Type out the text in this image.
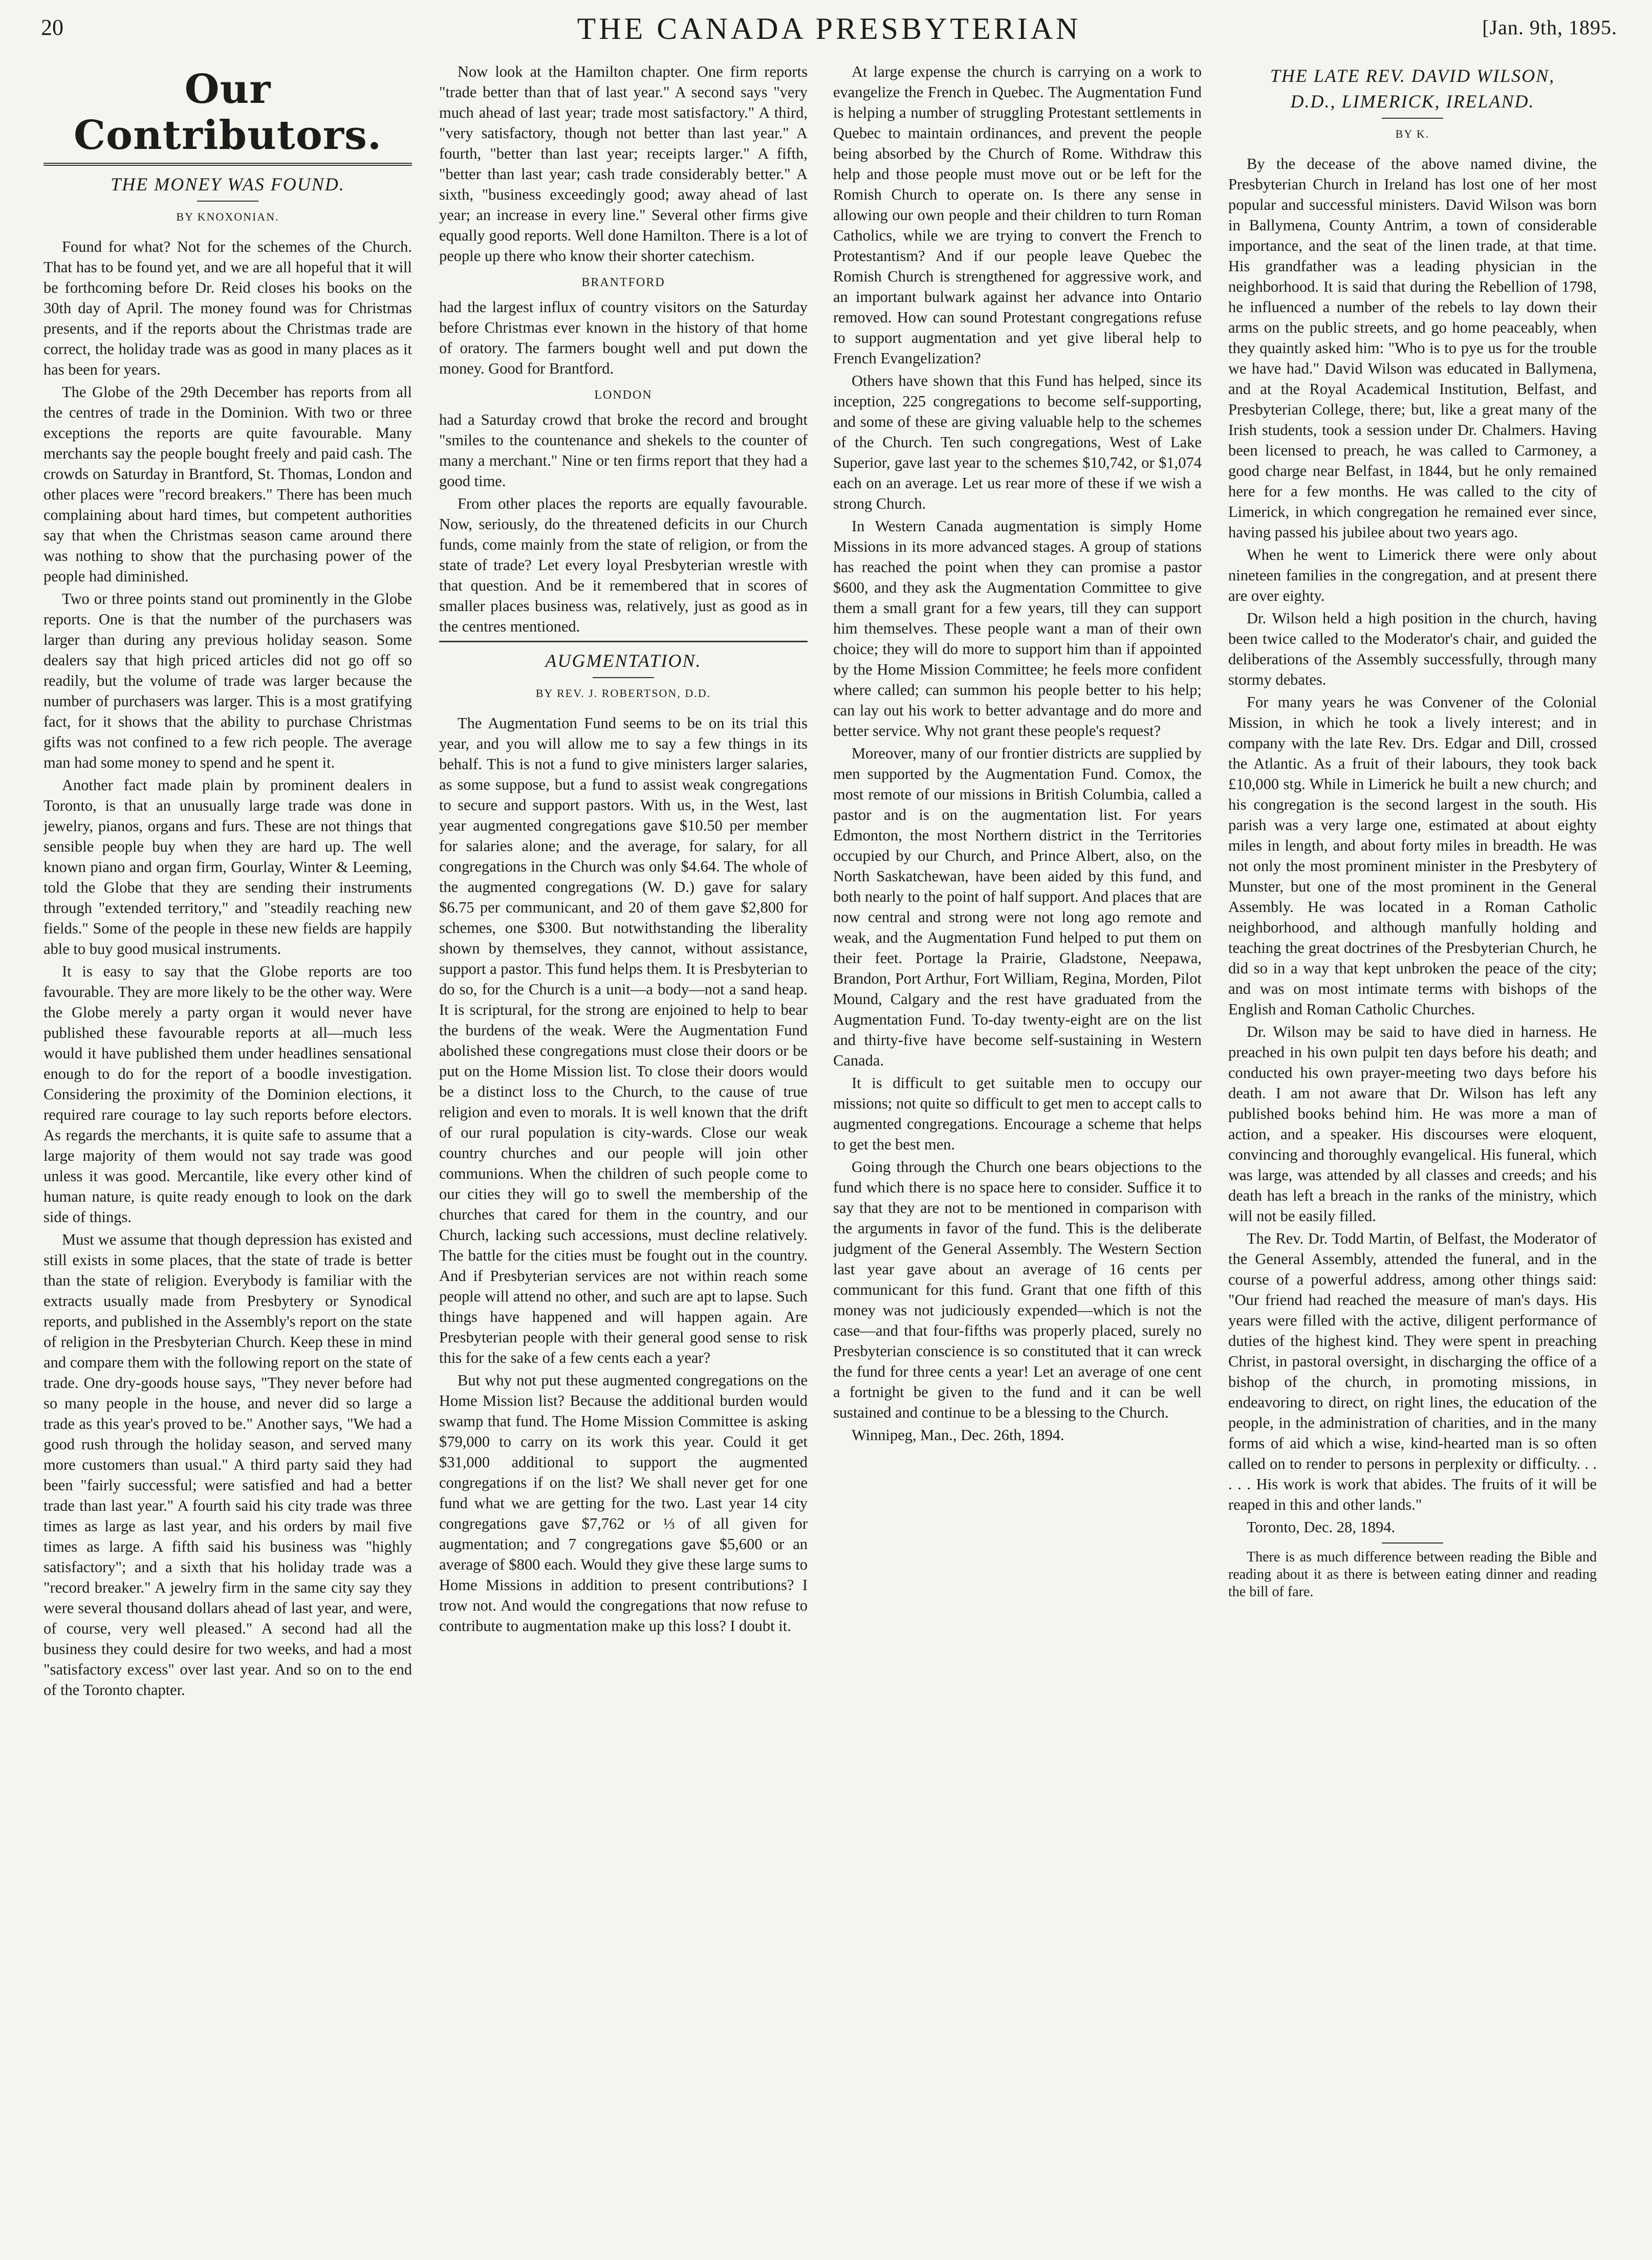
20	THE CANADA PRESBYTERIAN	[Jan. 9th, 1895.
Our Contributors.
THE MONEY WAS FOUND.
BY KNOXONIAN.

Found for what? Not for the schemes of the Church. That has to be found yet, and we are all hopeful that it will be forthcoming before Dr. Reid closes his books on the 30th day of April. The money found was for Christmas presents, and if the reports about the Christmas trade are correct, the holiday trade was as good in many places as it has been for years.

The Globe of the 29th December has reports from all the centres of trade in the Dominion. With two or three exceptions the reports are quite favourable. Many merchants say the people bought freely and paid cash. The crowds on Saturday in Brantford, St. Thomas, London and other places were "record breakers." There has been much complaining about hard times, but competent authorities say that when the Christmas season came around there was nothing to show that the purchasing power of the people had diminished.

Two or three points stand out prominently in the Globe reports. One is that the number of the purchasers was larger than during any previous holiday season. Some dealers say that high priced articles did not go off so readily, but the volume of trade was larger because the number of purchasers was larger. This is a most gratifying fact, for it shows that the ability to purchase Christmas gifts was not confined to a few rich people. The average man had some money to spend and he spent it.

Another fact made plain by prominent dealers in Toronto, is that an unusually large trade was done in jewelry, pianos, organs and furs. These are not things that sensible people buy when they are hard up. The well known piano and organ firm, Gourlay, Winter & Leeming, told the Globe that they are sending their instruments through "extended territory," and "steadily reaching new fields." Some of the people in these new fields are happily able to buy good musical instruments.

It is easy to say that the Globe reports are too favourable. They are more likely to be the other way. Were the Globe merely a party organ it would never have published these favourable reports at all—much less would it have published them under headlines sensational enough to do for the report of a boodle investigation. Considering the proximity of the Dominion elections, it required rare courage to lay such reports before electors. As regards the merchants, it is quite safe to assume that a large majority of them would not say trade was good unless it was good. Mercantile, like every other kind of human nature, is quite ready enough to look on the dark side of things.

Must we assume that though depression has existed and still exists in some places, that the state of trade is better than the state of religion. Everybody is familiar with the extracts usually made from Presbytery or Synodical reports, and published in the Assembly's report on the state of religion in the Presbyterian Church. Keep these in mind and compare them with the following report on the state of trade. One dry-goods house says, "They never before had so many people in the house, and never did so large a trade as this year's proved to be." Another says, "We had a good rush through the holiday season, and served many more customers than usual." A third party said they had been "fairly successful; were satisfied and had a better trade than last year." A fourth said his city trade was three times as large as last year, and his orders by mail five times as large. A fifth said his business was "highly satisfactory"; and a sixth that his holiday trade was a "record breaker." A jewelry firm in the same city say they were several thousand dollars ahead of last year, and were, of course, very well pleased." A second had all the business they could desire for two weeks, and had a most "satisfactory excess" over last year. And so on to the end of the Toronto chapter.

Now look at the Hamilton chapter. One firm reports "trade better than that of last year." A second says "very much ahead of last year; trade most satisfactory." A third, "very satisfactory, though not better than last year." A fourth, "better than last year; receipts larger." A fifth, "better than last year; cash trade considerably better." A sixth, "business exceedingly good; away ahead of last year; an increase in every line." Several other firms give equally good reports. Well done Hamilton. There is a lot of people up there who know their shorter catechism.

BRANTFORD

had the largest influx of country visitors on the Saturday before Christmas ever known in the history of that home of oratory. The farmers bought well and put down the money. Good for Brantford.

LONDON

had a Saturday crowd that broke the record and brought "smiles to the countenance and shekels to the counter of many a merchant." Nine or ten firms report that they had a good time.

From other places the reports are equally favourable. Now, seriously, do the threatened deficits in our Church funds, come mainly from the state of religion, or from the state of trade? Let every loyal Presbyterian wrestle with that question. And be it remembered that in scores of smaller places business was, relatively, just as good as in the centres mentioned.

AUGMENTATION.
BY REV. J. ROBERTSON, D.D.

The Augmentation Fund seems to be on its trial this year, and you will allow me to say a few things in its behalf. This is not a fund to give ministers larger salaries, as some suppose, but a fund to assist weak congregations to secure and support pastors. With us, in the West, last year augmented congregations gave $10.50 per member for salaries alone; and the average, for salary, for all congregations in the Church was only $4.64. The whole of the augmented congregations (W. D.) gave for salary $6.75 per communicant, and 20 of them gave $2,800 for schemes, one $300. But notwithstanding the liberality shown by themselves, they cannot, without assistance, support a pastor. This fund helps them. It is Presbyterian to do so, for the Church is a unit—a body—not a sand heap. It is scriptural, for the strong are enjoined to help to bear the burdens of the weak. Were the Augmentation Fund abolished these congregations must close their doors or be put on the Home Mission list. To close their doors would be a distinct loss to the Church, to the cause of true religion and even to morals. It is well known that the drift of our rural population is city-wards. Close our weak country churches and our people will join other communions. When the children of such people come to our cities they will go to swell the membership of the churches that cared for them in the country, and our Church, lacking such accessions, must decline relatively. The battle for the cities must be fought out in the country. And if Presbyterian services are not within reach some people will attend no other, and such are apt to lapse. Such things have happened and will happen again. Are Presbyterian people with their general good sense to risk this for the sake of a few cents each a year?

But why not put these augmented congregations on the Home Mission list? Because the additional burden would swamp that fund. The Home Mission Committee is asking $79,000 to carry on its work this year. Could it get $31,000 additional to support the augmented congregations if on the list? We shall never get for one fund what we are getting for the two. Last year 14 city congregations gave $7,762 or ⅓ of all given for augmentation; and 7 congregations gave $5,600 or an average of $800 each. Would they give these large sums to Home Missions in addition to present contributions? I trow not. And would the congregations that now refuse to contribute to augmentation make up this loss? I doubt it.

At large expense the church is carrying on a work to evangelize the French in Quebec. The Augmentation Fund is helping a number of struggling Protestant settlements in Quebec to maintain ordinances, and prevent the people being absorbed by the Church of Rome. Withdraw this help and those people must move out or be left for the Romish Church to operate on. Is there any sense in allowing our own people and their children to turn Roman Catholics, while we are trying to convert the French to Protestantism? And if our people leave Quebec the Romish Church is strengthened for aggressive work, and an important bulwark against her advance into Ontario removed. How can sound Protestant congregations refuse to support augmentation and yet give liberal help to French Evangelization?

Others have shown that this Fund has helped, since its inception, 225 congregations to become self-supporting, and some of these are giving valuable help to the schemes of the Church. Ten such congregations, West of Lake Superior, gave last year to the schemes $10,742, or $1,074 each on an average. Let us rear more of these if we wish a strong Church.

In Western Canada augmentation is simply Home Missions in its more advanced stages. A group of stations has reached the point when they can promise a pastor $600, and they ask the Augmentation Committee to give them a small grant for a few years, till they can support him themselves. These people want a man of their own choice; they will do more to support him than if appointed by the Home Mission Committee; he feels more confident where called; can summon his people better to his help; can lay out his work to better advantage and do more and better service. Why not grant these people's request?

Moreover, many of our frontier districts are supplied by men supported by the Augmentation Fund. Comox, the most remote of our missions in British Columbia, called a pastor and is on the augmentation list. For years Edmonton, the most Northern district in the Territories occupied by our Church, and Prince Albert, also, on the North Saskatchewan, have been aided by this fund, and both nearly to the point of half support. And places that are now central and strong were not long ago remote and weak, and the Augmentation Fund helped to put them on their feet. Portage la Prairie, Gladstone, Neepawa, Brandon, Port Arthur, Fort William, Regina, Morden, Pilot Mound, Calgary and the rest have graduated from the Augmentation Fund. To-day twenty-eight are on the list and thirty-five have become self-sustaining in Western Canada.

It is difficult to get suitable men to occupy our missions; not quite so difficult to get men to accept calls to augmented congregations. Encourage a scheme that helps to get the best men.

Going through the Church one bears objections to the fund which there is no space here to consider. Suffice it to say that they are not to be mentioned in comparison with the arguments in favor of the fund. This is the deliberate judgment of the General Assembly. The Western Section last year gave about an average of 16 cents per communicant for this fund. Grant that one fifth of this money was not judiciously expended—which is not the case—and that four-fifths was properly placed, surely no Presbyterian conscience is so constituted that it can wreck the fund for three cents a year! Let an average of one cent a fortnight be given to the fund and it can be well sustained and continue to be a blessing to the Church.

Winnipeg, Man., Dec. 26th, 1894.

THE LATE REV. DAVID WILSON,
D.D., LIMERICK, IRELAND.
BY K.

By the decease of the above named divine, the Presbyterian Church in Ireland has lost one of her most popular and successful ministers. David Wilson was born in Ballymena, County Antrim, a town of considerable importance, and the seat of the linen trade, at that time. His grandfather was a leading physician in the neighborhood. It is said that during the Rebellion of 1798, he influenced a number of the rebels to lay down their arms on the public streets, and go home peaceably, when they quaintly asked him: "Who is to pye us for the trouble we have had." David Wilson was educated in Ballymena, and at the Royal Academical Institution, Belfast, and Presbyterian College, there; but, like a great many of the Irish students, took a session under Dr. Chalmers. Having been licensed to preach, he was called to Carmoney, a good charge near Belfast, in 1844, but he only remained here for a few months. He was called to the city of Limerick, in which congregation he remained ever since, having passed his jubilee about two years ago.

When he went to Limerick there were only about nineteen families in the congregation, and at present there are over eighty.

Dr. Wilson held a high position in the church, having been twice called to the Moderator's chair, and guided the deliberations of the Assembly successfully, through many stormy debates.

For many years he was Convener of the Colonial Mission, in which he took a lively interest; and in company with the late Rev. Drs. Edgar and Dill, crossed the Atlantic. As a fruit of their labours, they took back £10,000 stg. While in Limerick he built a new church; and his congregation is the second largest in the south. His parish was a very large one, estimated at about eighty miles in length, and about forty miles in breadth. He was not only the most prominent minister in the Presbytery of Munster, but one of the most prominent in the General Assembly. He was located in a Roman Catholic neighborhood, and although manfully holding and teaching the great doctrines of the Presbyterian Church, he did so in a way that kept unbroken the peace of the city; and was on most intimate terms with bishops of the English and Roman Catholic Churches.

Dr. Wilson may be said to have died in harness. He preached in his own pulpit ten days before his death; and conducted his own prayer-meeting two days before his death. I am not aware that Dr. Wilson has left any published books behind him. He was more a man of action, and a speaker. His discourses were eloquent, convincing and thoroughly evangelical. His funeral, which was large, was attended by all classes and creeds; and his death has left a breach in the ranks of the ministry, which will not be easily filled.

The Rev. Dr. Todd Martin, of Belfast, the Moderator of the General Assembly, attended the funeral, and in the course of a powerful address, among other things said: "Our friend had reached the measure of man's days. His years were filled with the active, diligent performance of duties of the highest kind. They were spent in preaching Christ, in pastoral oversight, in discharging the office of a bishop of the church, in promoting missions, in endeavoring to direct, on right lines, the education of the people, in the administration of charities, and in the many forms of aid which a wise, kind-hearted man is so often called on to render to persons in perplexity or difficulty. . . . . . His work is work that abides. The fruits of it will be reaped in this and other lands."

Toronto, Dec. 28, 1894.

There is as much difference between reading the Bible and reading about it as there is between eating dinner and reading the bill of fare.
